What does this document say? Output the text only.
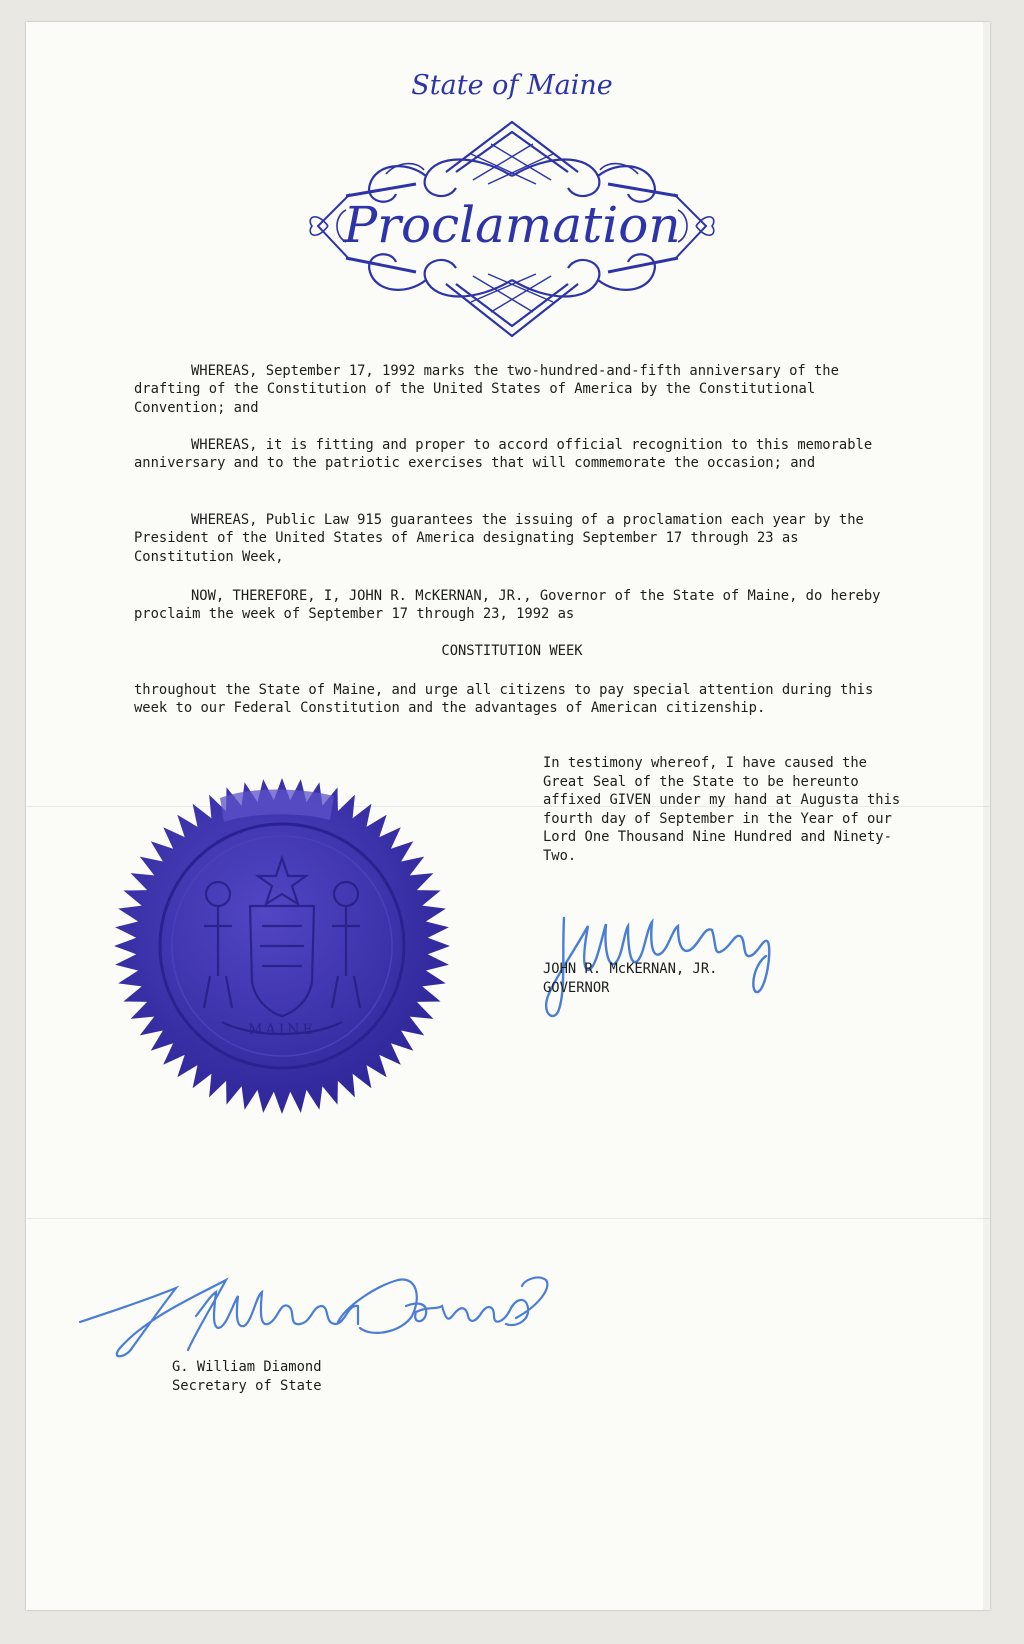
State of Maine
Proclamation

WHEREAS, September 17, 1992 marks the two-hundred-and-fifth anniversary of the drafting of the Constitution of the United States of America by the Constitutional Convention; and

WHEREAS, it is fitting and proper to accord official recognition to this memorable anniversary and to the patriotic exercises that will commemorate the occasion; and

WHEREAS, Public Law 915 guarantees the issuing of a proclamation each year by the President of the United States of America designating September 17 through 23 as Constitution Week,

NOW, THEREFORE, I, JOHN R. McKERNAN, JR., Governor of the State of Maine, do hereby proclaim the week of September 17 through 23, 1992 as

CONSTITUTION WEEK

throughout the State of Maine, and urge all citizens to pay special attention during this week to our Federal Constitution and the advantages of American citizenship.

In testimony whereof, I have caused the Great Seal of the State to be hereunto affixed GIVEN under my hand at Augusta this fourth day of September in the Year of our Lord One Thousand Nine Hundred and Ninety-Two.

MAINE
JOHN R. McKERNAN, JR.
GOVERNOR
G. William Diamond
Secretary of State
